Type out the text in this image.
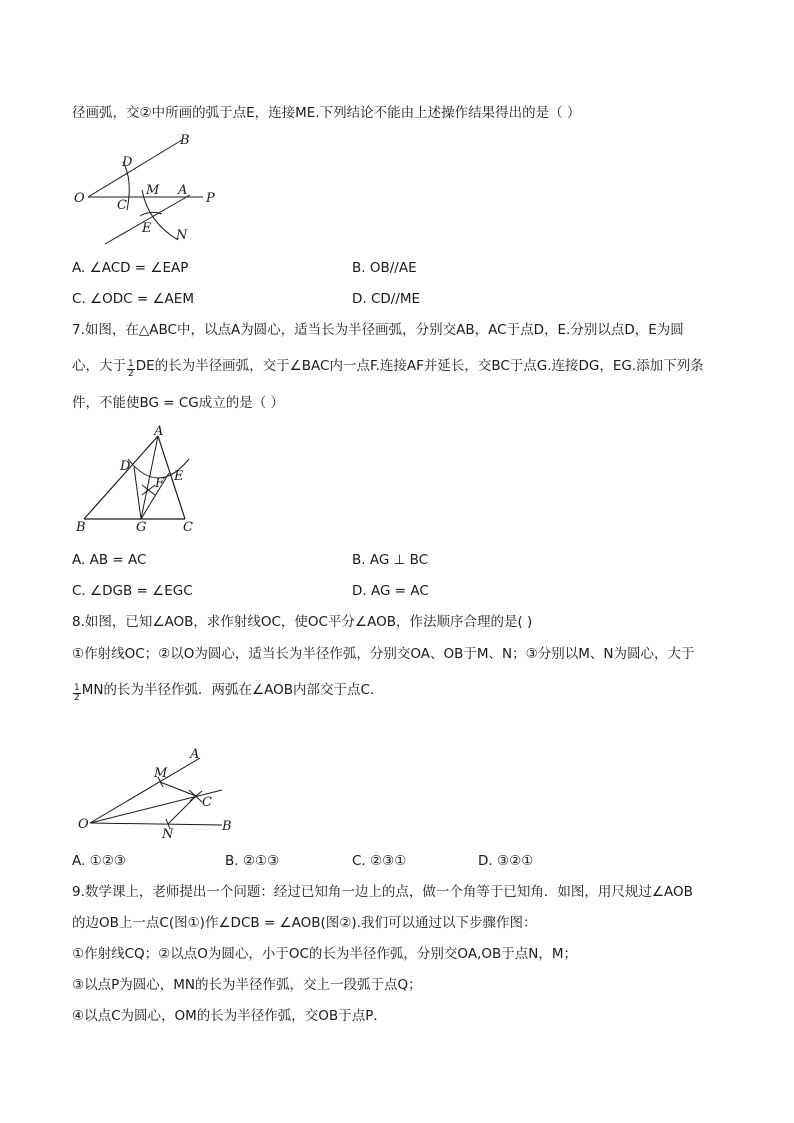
径画弧，交②中所画的弧于点E，连接ME.下列结论不能由上述操作结果得出的是（ ）
B
D
O C
M A
P
E N
A. ∠ACD = ∠EAP	B. OB//AE
C. ∠ODC = ∠AEM	D. CD//ME
7.如图，在△ABC中，以点A为圆心，适当长为半径画弧，分别交AB，AC于点D，E.分别以点D，E为圆
心，大于 $\frac{1}{2}$ DE的长为半径画弧，交于∠BAC内一点F.连接AF并延长，交BC于点G.连接DG，EG.添加下列条
件，不能使BG = CG成立的是（ ）
A
D
E
F
B	G	C
A. AB = AC	B. AG ⊥ BC
C. ∠DGB = ∠EGC	D. AG = AC
8.如图，已知∠AOB，求作射线OC，使OC平分∠AOB，作法顺序合理的是( )
①作射线OC；②以O为圆心，适当长为半径作弧，分别交OA、OB于M、N；③分别以M、N为圆心，大于
$\frac{1}{2}$ MN的长为半径作弧．两弧在∠AOB内部交于点C．
A
M
C
O
N
B
A. ①②③	B. ②①③	C. ②③①	D. ③②①
9.数学课上，老师提出一个问题：经过已知角一边上的点，做一个角等于已知角．如图，用尺规过∠AOB
的边OB上一点C(图①)作∠DCB = ∠AOB(图②).我们可以通过以下步骤作图：
①作射线CQ；②以点O为圆心，小于OC的长为半径作弧，分别交OA,OB于点N，M；
③以点P为圆心，MN的长为半径作弧，交上一段弧于点Q；
④以点C为圆心，OM的长为半径作弧，交OB于点P．
